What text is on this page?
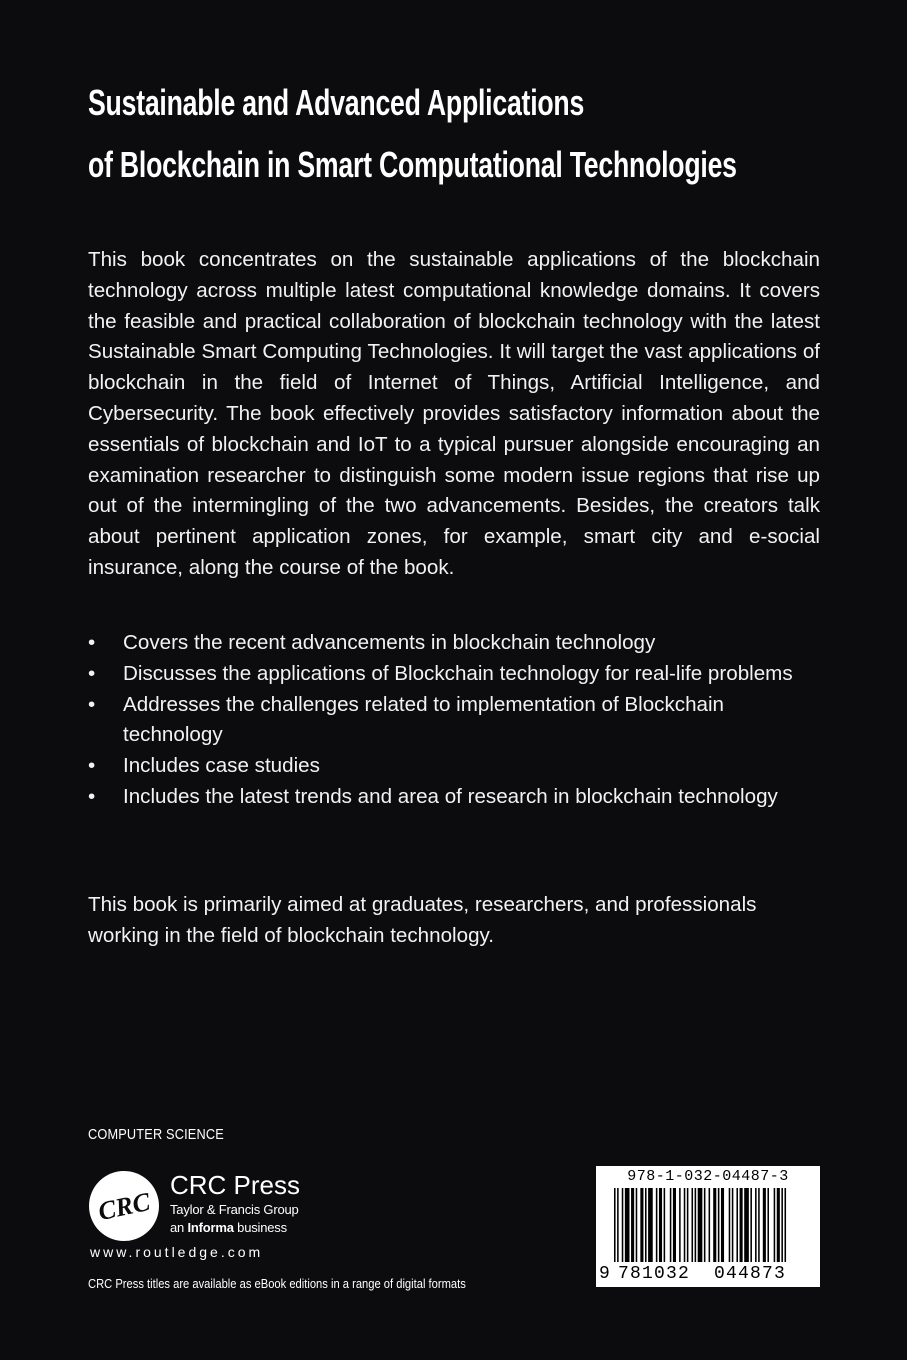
Sustainable and Advanced Applications
of Blockchain in Smart Computational Technologies

This book concentrates on the sustainable applications of the blockchain technology across multiple latest computational knowledge domains. It covers the feasible and practical collaboration of blockchain technology with the latest Sustainable Smart Computing Technologies. It will target the vast applications of blockchain in the field of Internet of Things, Artificial Intelligence, and Cybersecurity. The book effectively provides satisfactory information about the essentials of blockchain and IoT to a typical pursuer alongside encouraging an examination researcher to distinguish some modern issue regions that rise up out of the intermingling of the two advancements. Besides, the creators talk about pertinent application zones, for example, smart city and e-social insurance, along the course of the book.

• Covers the recent advancements in blockchain technology
• Discusses the applications of Blockchain technology for real-life problems
• Addresses the challenges related to implementation of Blockchain technology
• Includes case studies
• Includes the latest trends and area of research in blockchain technology

This book is primarily aimed at graduates, researchers, and professionals working in the field of blockchain technology.

COMPUTER SCIENCE
CRC
CRC Press
Taylor & Francis Group
an Informa business
www.routledge.com
CRC Press titles are available as eBook editions in a range of digital formats
978-1-032-04487-3
9 781032 044873
